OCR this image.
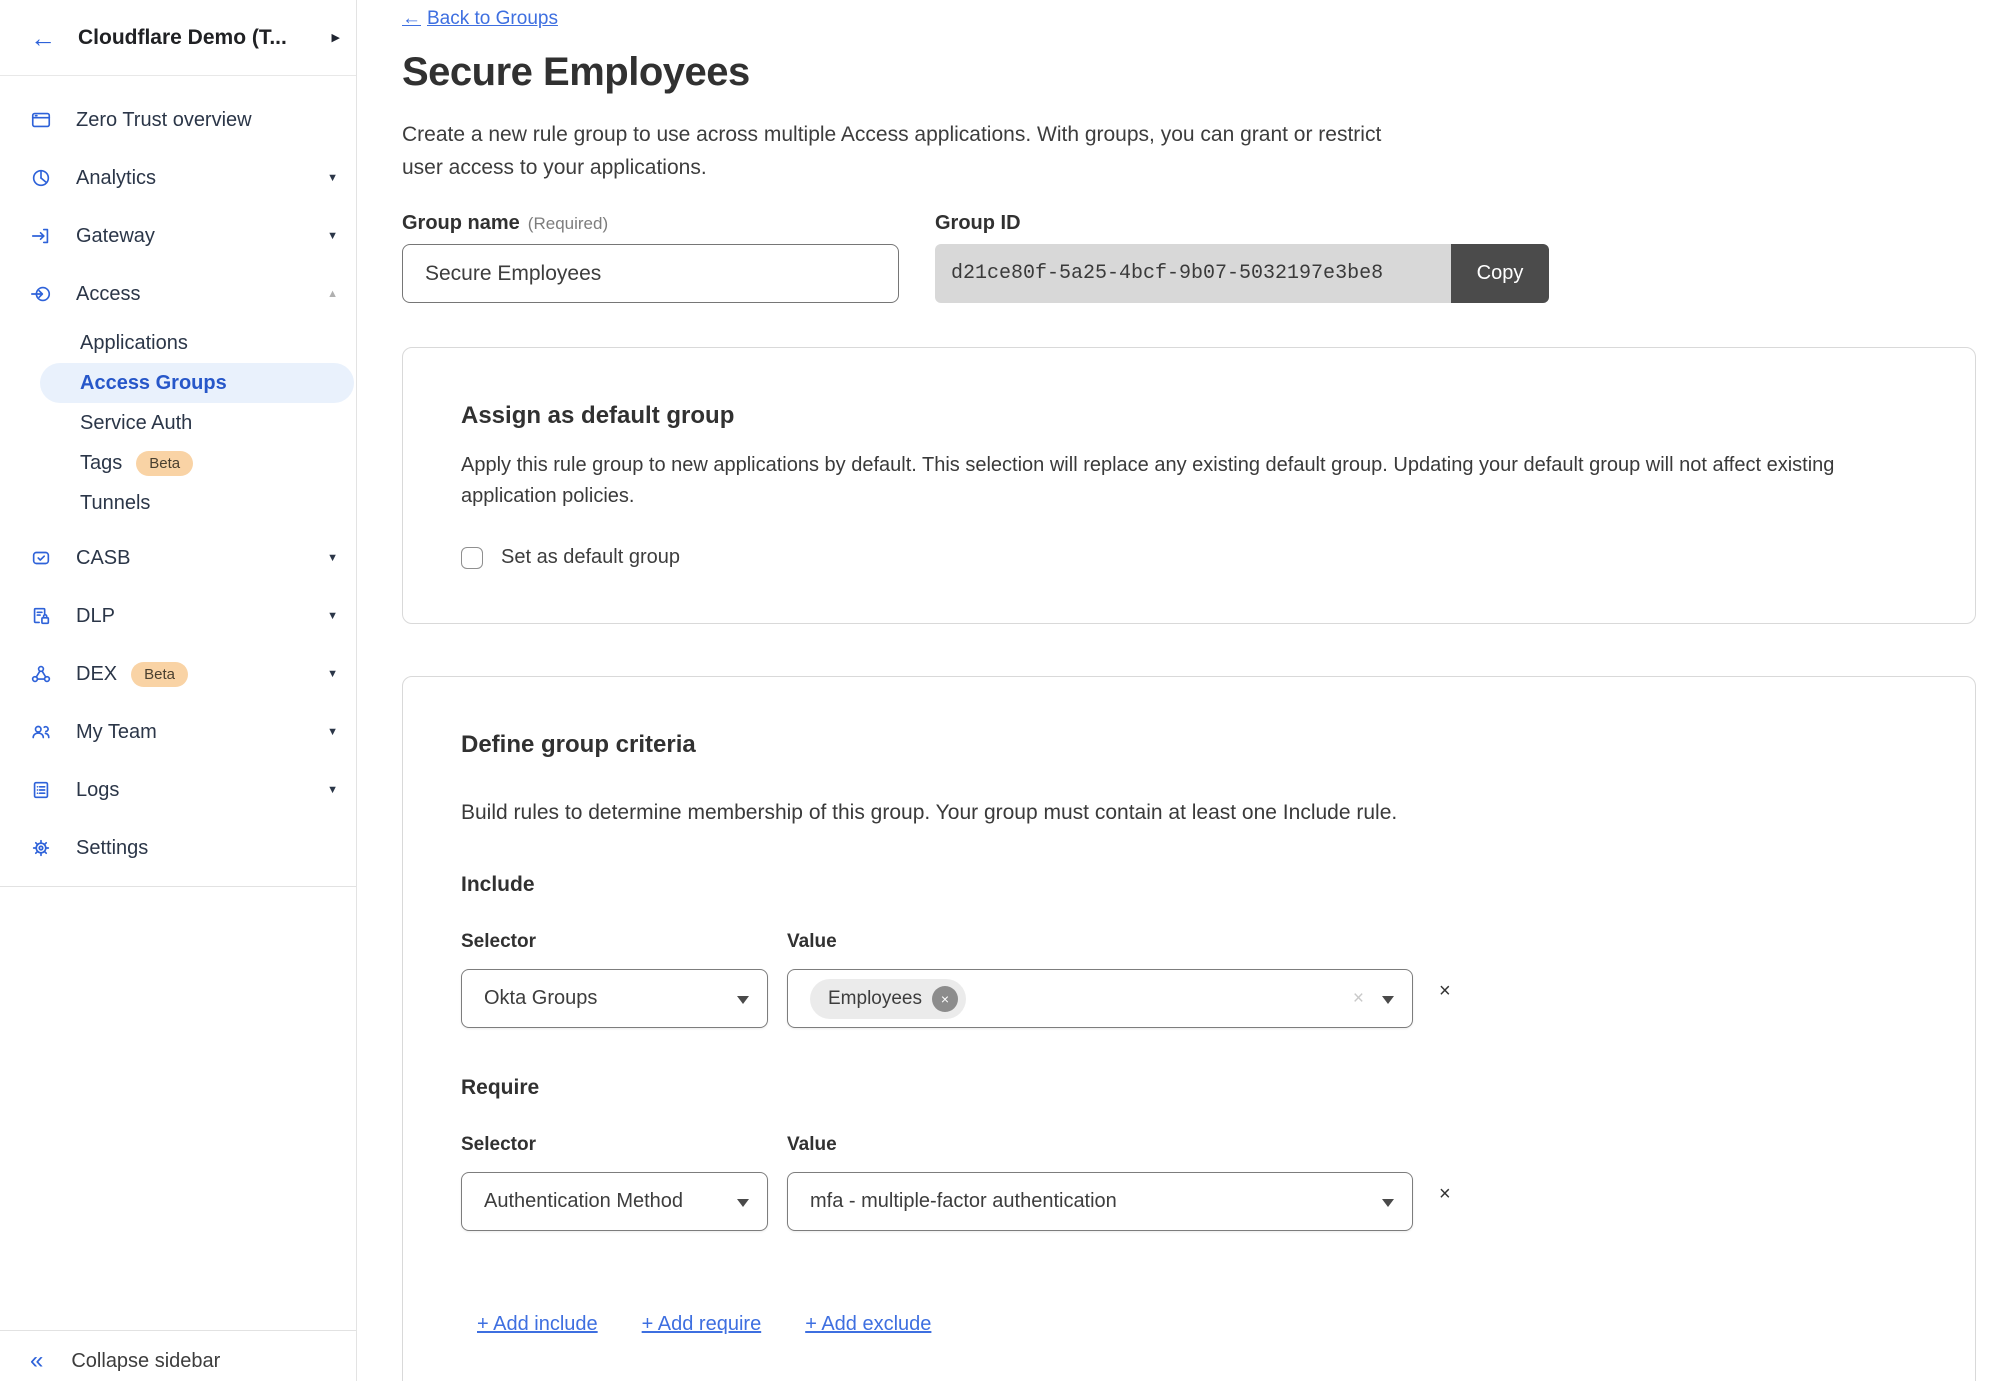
← Cloudflare Demo (T...	▶
Zero Trust overview
Analytics	▼
Gateway	▼
Access	▲
Applications
Access Groups
Service Auth
Tags	Beta
Tunnels
CASB	▼
DLP	▼
DEX	Beta	▼
My Team	▼
Logs	▼
Settings
« Collapse sidebar
← Back to Groups
Secure Employees

Create a new rule group to use across multiple Access applications. With groups, you can grant or restrict user access to your applications.

Group name (Required)
Secure Employees	Group ID
d21ce80f-5a25-4bcf-9b07-5032197e3be8	Copy
Assign as default group

Apply this rule group to new applications by default. This selection will replace any existing default group. Updating your default group will not affect existing application policies.

Set as default group
Define group criteria

Build rules to determine membership of this group. Your group must contain at least one Include rule.

Include
Selector	Value
Okta Groups	Employees	×	×	×
Require
Selector	Value
Authentication Method	mfa - multiple-factor authentication	×
+ Add include + Add require + Add exclude
